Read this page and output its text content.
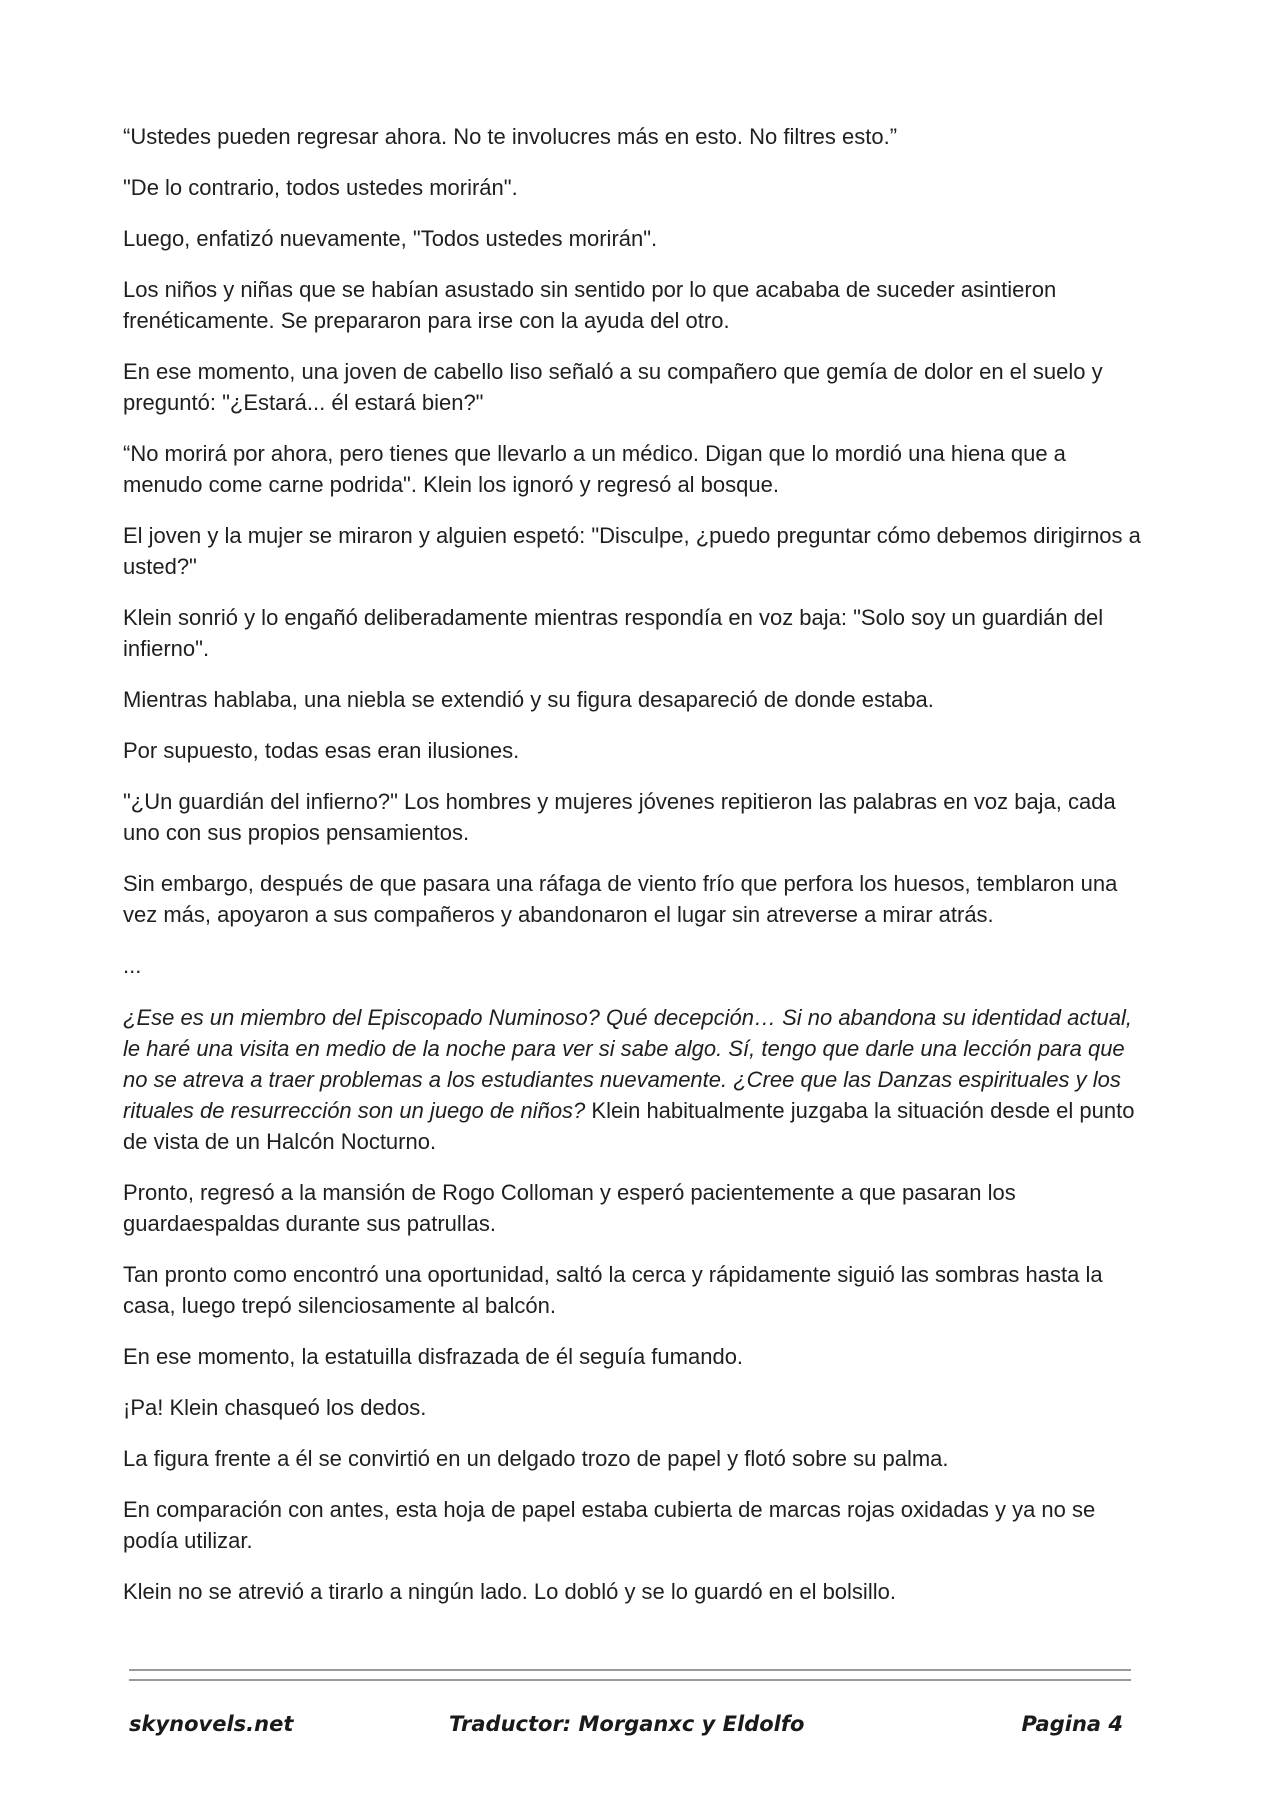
“Ustedes pueden regresar ahora. No te involucres más en esto. No filtres esto.”

"De lo contrario, todos ustedes morirán".

Luego, enfatizó nuevamente, "Todos ustedes morirán".

Los niños y niñas que se habían asustado sin sentido por lo que acababa de suceder asintieron frenéticamente. Se prepararon para irse con la ayuda del otro.

En ese momento, una joven de cabello liso señaló a su compañero que gemía de dolor en el suelo y preguntó: "¿Estará... él estará bien?"

“No morirá por ahora, pero tienes que llevarlo a un médico. Digan que lo mordió una hiena que a menudo come carne podrida". Klein los ignoró y regresó al bosque.

El joven y la mujer se miraron y alguien espetó: "Disculpe, ¿puedo preguntar cómo debemos dirigirnos a usted?"

Klein sonrió y lo engañó deliberadamente mientras respondía en voz baja: "Solo soy un guardián del infierno".

Mientras hablaba, una niebla se extendió y su figura desapareció de donde estaba.

Por supuesto, todas esas eran ilusiones.

"¿Un guardián del infierno?" Los hombres y mujeres jóvenes repitieron las palabras en voz baja, cada uno con sus propios pensamientos.

Sin embargo, después de que pasara una ráfaga de viento frío que perfora los huesos, temblaron una vez más, apoyaron a sus compañeros y abandonaron el lugar sin atreverse a mirar atrás.

...

¿Ese es un miembro del Episcopado Numinoso? Qué decepción… Si no abandona su identidad actual, le haré una visita en medio de la noche para ver si sabe algo. Sí, tengo que darle una lección para que no se atreva a traer problemas a los estudiantes nuevamente. ¿Cree que las Danzas espirituales y los rituales de resurrección son un juego de niños? Klein habitualmente juzgaba la situación desde el punto de vista de un Halcón Nocturno.

Pronto, regresó a la mansión de Rogo Colloman y esperó pacientemente a que pasaran los guardaespaldas durante sus patrullas.

Tan pronto como encontró una oportunidad, saltó la cerca y rápidamente siguió las sombras hasta la casa, luego trepó silenciosamente al balcón.

En ese momento, la estatuilla disfrazada de él seguía fumando.

¡Pa! Klein chasqueó los dedos.

La figura frente a él se convirtió en un delgado trozo de papel y flotó sobre su palma.

En comparación con antes, esta hoja de papel estaba cubierta de marcas rojas oxidadas y ya no se podía utilizar.

Klein no se atrevió a tirarlo a ningún lado. Lo dobló y se lo guardó en el bolsillo.

skynovels.net	Traductor: Morganxc y Eldolfo	Pagina 4
